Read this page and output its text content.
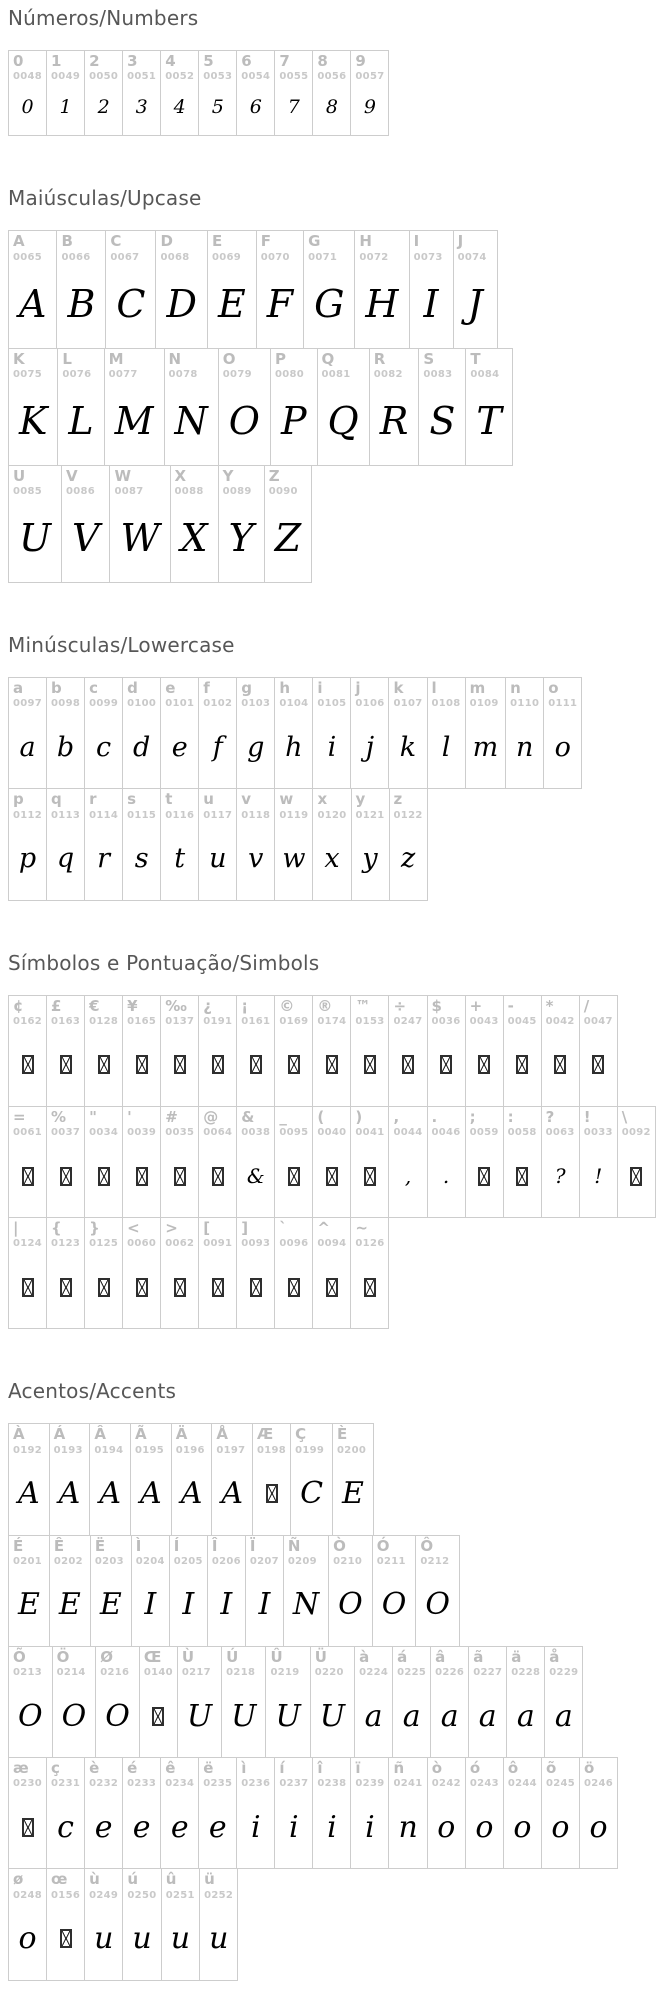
Números/Numbers
0
0048
0
1
0049
1
2
0050
2
3
0051
3
4
0052
4
5
0053
5
6
0054
6
7
0055
7
8
0056
8
9
0057
9
Maiúsculas/Upcase
A
0065
A
B
0066
B
C
0067
C
D
0068
D
E
0069
E
F
0070
F
G
0071
G
H
0072
H
I
0073
I
J
0074
J
K
0075
K
L
0076
L
M
0077
M
N
0078
N
O
0079
O
P
0080
P
Q
0081
Q
R
0082
R
S
0083
S
T
0084
T
U
0085
U
V
0086
V
W
0087
W
X
0088
X
Y
0089
Y
Z
0090
Z
Minúsculas/Lowercase
a
0097
a
b
0098
b
c
0099
c
d
0100
d
e
0101
e
f
0102
f
g
0103
g
h
0104
h
i
0105
i
j
0106
j
k
0107
k
l
0108
l
m
0109
m
n
0110
n
o
0111
o
p
0112
p
q
0113
q
r
0114
r
s
0115
s
t
0116
t
u
0117
u
v
0118
v
w
0119
w
x
0120
x
y
0121
y
z
0122
z
Símbolos e Pontuação/Simbols
¢
0162
£
0163
€
0128
¥
0165
‰
0137
¿
0191
¡
0161
©
0169
®
0174
™
0153
÷
0247
$
0036
+
0043
-
0045
*
0042
/
0047
=
0061
%
0037
"
0034
'
0039
#
0035
@
0064
&
0038
&
_
0095
(
0040
)
0041
,
0044
,
.
0046
.
;
0059
:
0058
?
0063
?
!
0033
!
\
0092
|
0124
{
0123
}
0125
<
0060
>
0062
[
0091
]
0093
`
0096
^
0094
~
0126
Acentos/Accents
À
0192
A
Á
0193
A
Â
0194
A
Ã
0195
A
Ä
0196
A
Å
0197
A
Æ
0198
Ç
0199
C
È
0200
E
É
0201
E
Ê
0202
E
Ë
0203
E
Ì
0204
I
Í
0205
I
Î
0206
I
Ï
0207
I
Ñ
0209
N
Ò
0210
O
Ó
0211
O
Ô
0212
O
Õ
0213
O
Ö
0214
O
Ø
0216
O
Œ
0140
Ù
0217
U
Ú
0218
U
Û
0219
U
Ü
0220
U
à
0224
a
á
0225
a
â
0226
a
ã
0227
a
ä
0228
a
å
0229
a
æ
0230
ç
0231
c
è
0232
e
é
0233
e
ê
0234
e
ë
0235
e
ì
0236
i
í
0237
i
î
0238
i
ï
0239
i
ñ
0241
n
ò
0242
o
ó
0243
o
ô
0244
o
õ
0245
o
ö
0246
o
ø
0248
o
œ
0156
ù
0249
u
ú
0250
u
û
0251
u
ü
0252
u
